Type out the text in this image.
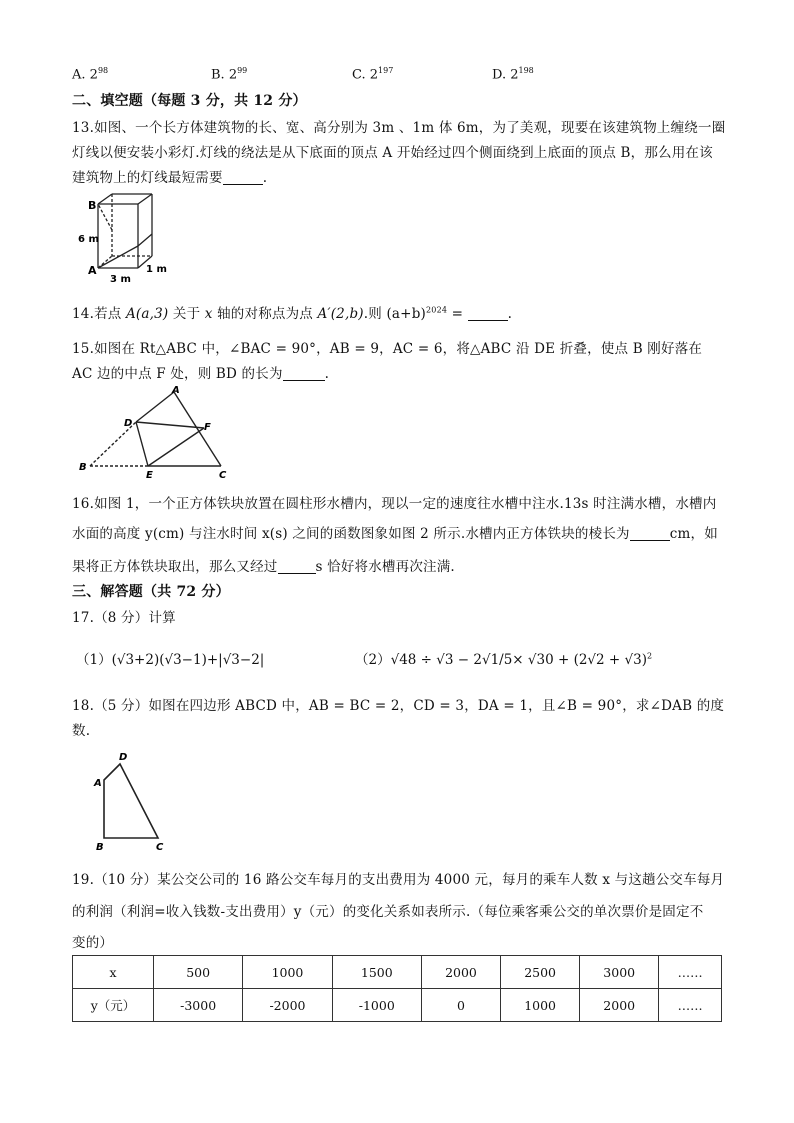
A. $2^{98}$	B. $2^{99}$	C. $2^{197}$	D. $2^{198}$
二、填空题（每题 3 分，共 12 分）
13.如图、一个长方体建筑物的长、宽、高分别为 3m 、1m 体 6m，为了美观，现要在该建筑物上缠绕一圈
灯线以便安装小彩灯.灯线的绕法是从下底面的顶点 A 开始经过四个侧面绕到上底面的顶点 B，那么用在该
建筑物上的灯线最短需要	.
B
A
6 m
3 m
1 m
14.若点 A(a,3) 关于 x 轴的对称点为点 A′(2,b).则 $(a+b)^{2024}$ =	.
15.如图在 Rt△ABC 中，∠BAC = 90°，AB = 9，AC = 6，将△ABC 沿 DE 折叠，使点 B 刚好落在
AC 边的中点 F 处，则 BD 的长为	.
A
D	F
B
E	C
16.如图 1，一个正方体铁块放置在圆柱形水槽内，现以一定的速度往水槽中注水.13s 时注满水槽，水槽内
水面的高度 y(cm) 与注水时间 x(s) 之间的函数图象如图 2 所示.水槽内正方体铁块的棱长为	cm，如
果将正方体铁块取出，那么又经过	s 恰好将水槽再次注满.
三、解答题（共 72 分）
17.（8 分）计算
（1）(√3+2)(√3−1)+|√3−2|	$(2)√48 \div √3 - 2√1/5\times √30 + (2√2 + √3)^2$
18.（5 分）如图在四边形 ABCD 中，AB = BC = 2，CD = 3，DA = 1，且∠B = 90°，求∠DAB 的度
数.
D
A
B	C
19.（10 分）某公交公司的 16 路公交车每月的支出费用为 4000 元，每月的乘车人数 x 与这趟公交车每月
的利润（利润=收入钱数-支出费用）y（元）的变化关系如表所示.（每位乘客乘公交的单次票价是固定不
变的）
x	500	1000	1500	2000	2500	3000	……
y（元）	-3000	-2000	-1000	0	1000	2000	……
